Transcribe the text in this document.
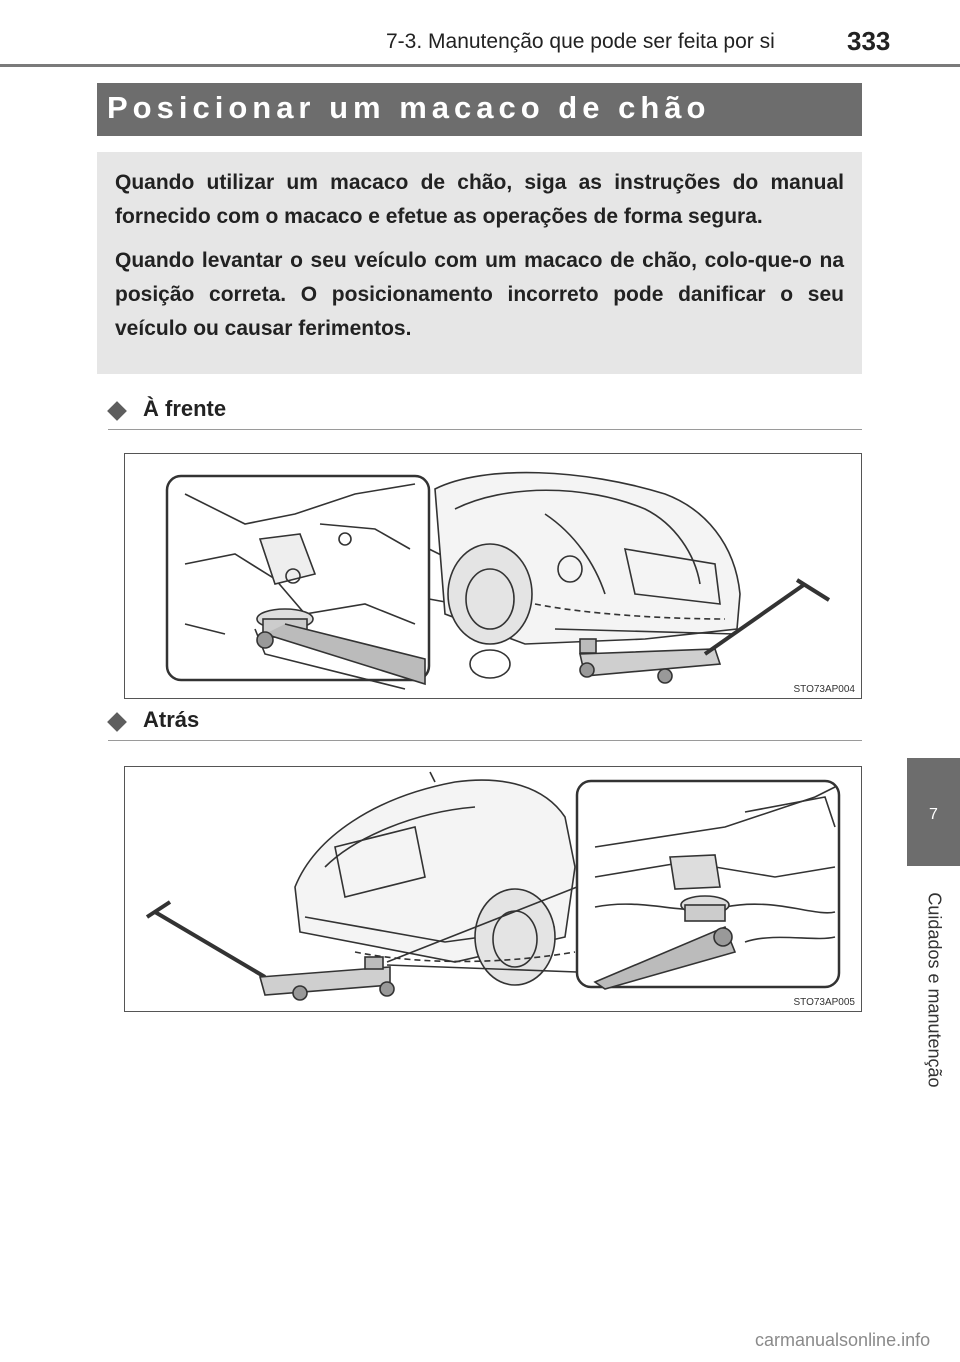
7-3. Manutenção que pode ser feita por si	333
Posicionar um macaco de chão

Quando utilizar um macaco de chão, siga as instruções do manual fornecido com o macaco e efetue as operações de forma segura.

Quando levantar o seu veículo com um macaco de chão, colo-que-o na posição correta. O posicionamento incorreto pode danificar o seu veículo ou causar ferimentos.

À frente
STO73AP004
Atrás
STO73AP005
7
Cuidados e manutenção
carmanualsonline.info
